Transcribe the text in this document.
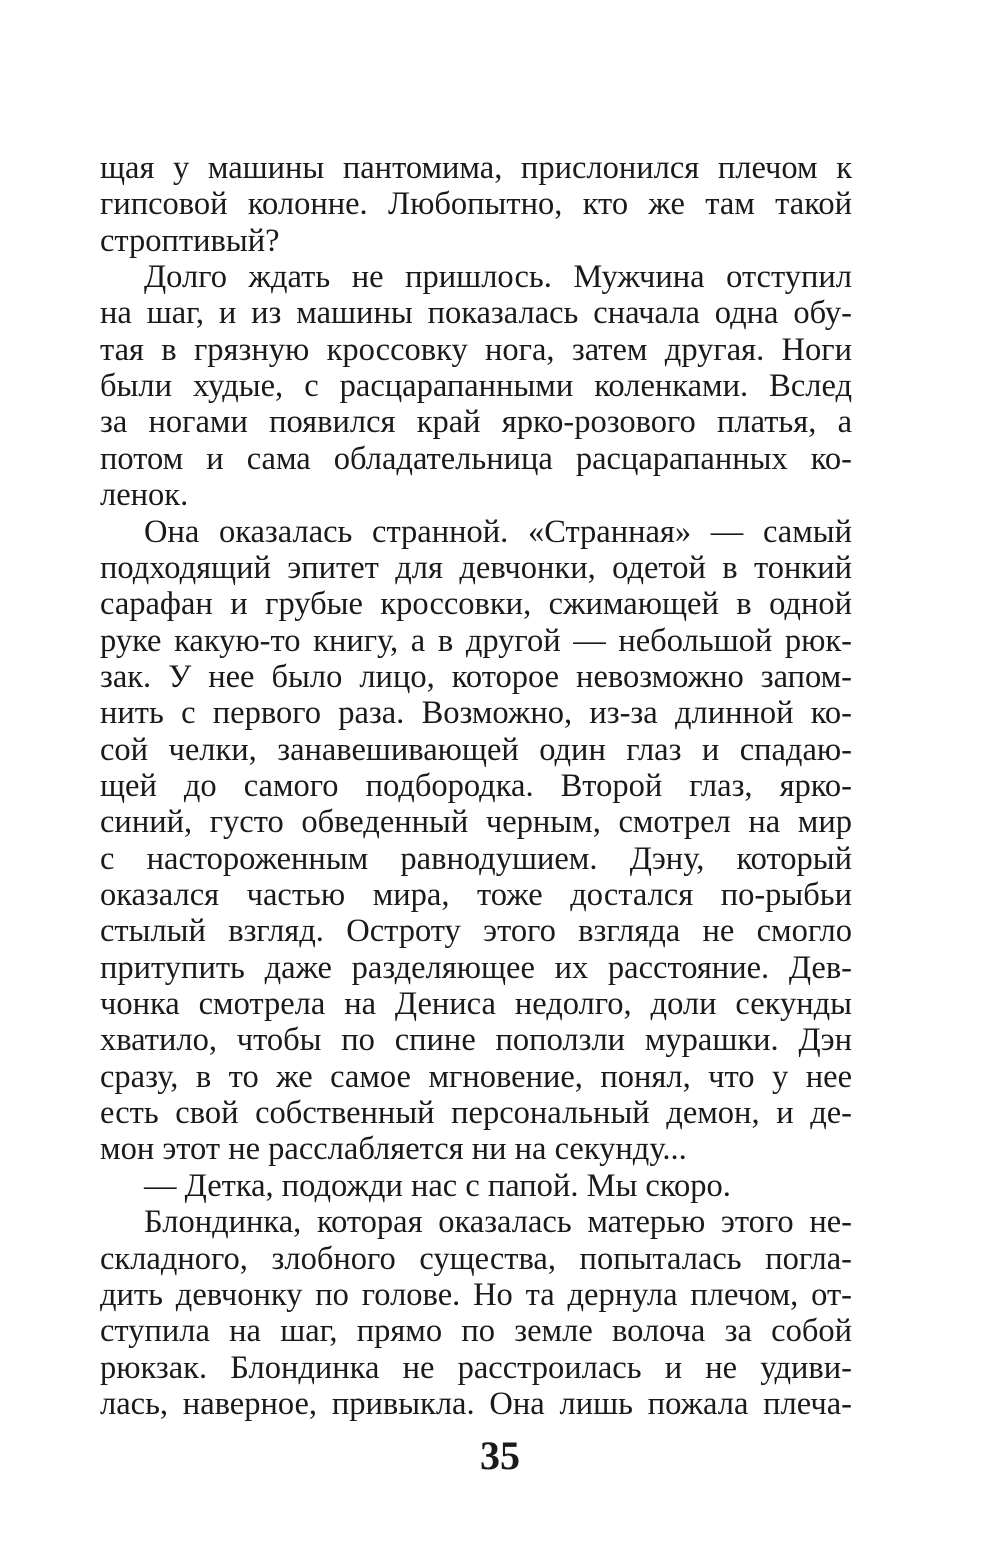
щая у машины пантомима, прислонился плечом к
гипсовой колонне. Любопытно, кто же там такой
строптивый?
Долго ждать не пришлось. Мужчина отступил
на шаг, и из машины показалась сначала одна обу-
тая в грязную кроссовку нога, затем другая. Ноги
были худые, с расцарапанными коленками. Вслед
за ногами появился край ярко-розового платья, а
потом и сама обладательница расцарапанных ко-
ленок.
Она оказалась странной. «Странная» — самый
подходящий эпитет для девчонки, одетой в тонкий
сарафан и грубые кроссовки, сжимающей в одной
руке какую-то книгу, а в другой — небольшой рюк-
зак. У нее было лицо, которое невозможно запом-
нить с первого раза. Возможно, из-за длинной ко-
сой челки, занавешивающей один глаз и спадаю-
щей до самого подбородка. Второй глаз, ярко-
синий, густо обведенный черным, смотрел на мир
с настороженным равнодушием. Дэну, который
оказался частью мира, тоже достался по-рыбьи
стылый взгляд. Остроту этого взгляда не смогло
притупить даже разделяющее их расстояние. Дев-
чонка смотрела на Дениса недолго, доли секунды
хватило, чтобы по спине поползли мурашки. Дэн
сразу, в то же самое мгновение, понял, что у нее
есть свой собственный персональный демон, и де-
мон этот не расслабляется ни на секунду...
— Детка, подожди нас с папой. Мы скоро.
Блондинка, которая оказалась матерью этого не-
складного, злобного существа, попыталась погла-
дить девчонку по голове. Но та дернула плечом, от-
ступила на шаг, прямо по земле волоча за собой
рюкзак. Блондинка не расстроилась и не удиви-
лась, наверное, привыкла. Она лишь пожала плеча-
35
